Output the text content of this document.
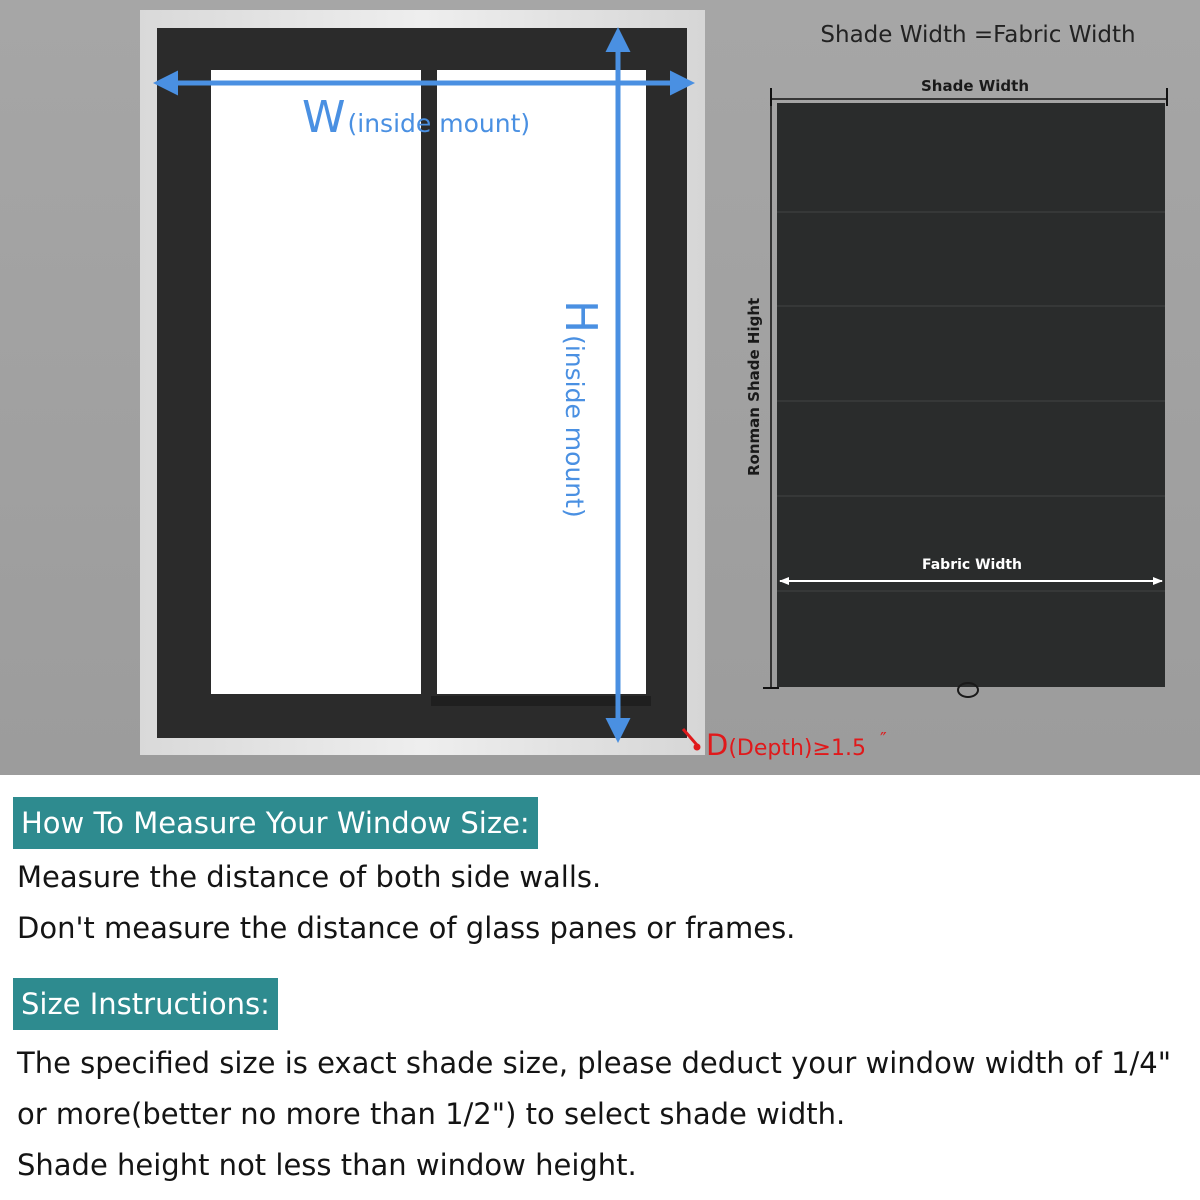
W(inside mount)
H(inside mount)
D(Depth)≥1.5 ″
Shade Width =Fabric Width
Shade Width
Ronman Shade Hight
Fabric Width
How To Measure Your Window Size:
Measure the distance of both side walls.
Don't measure the distance of glass panes or frames.
Size Instructions:
The specified size is exact shade size, please deduct your window width of 1/4"
or more(better no more than 1/2") to select shade width.
Shade height not less than window height.
